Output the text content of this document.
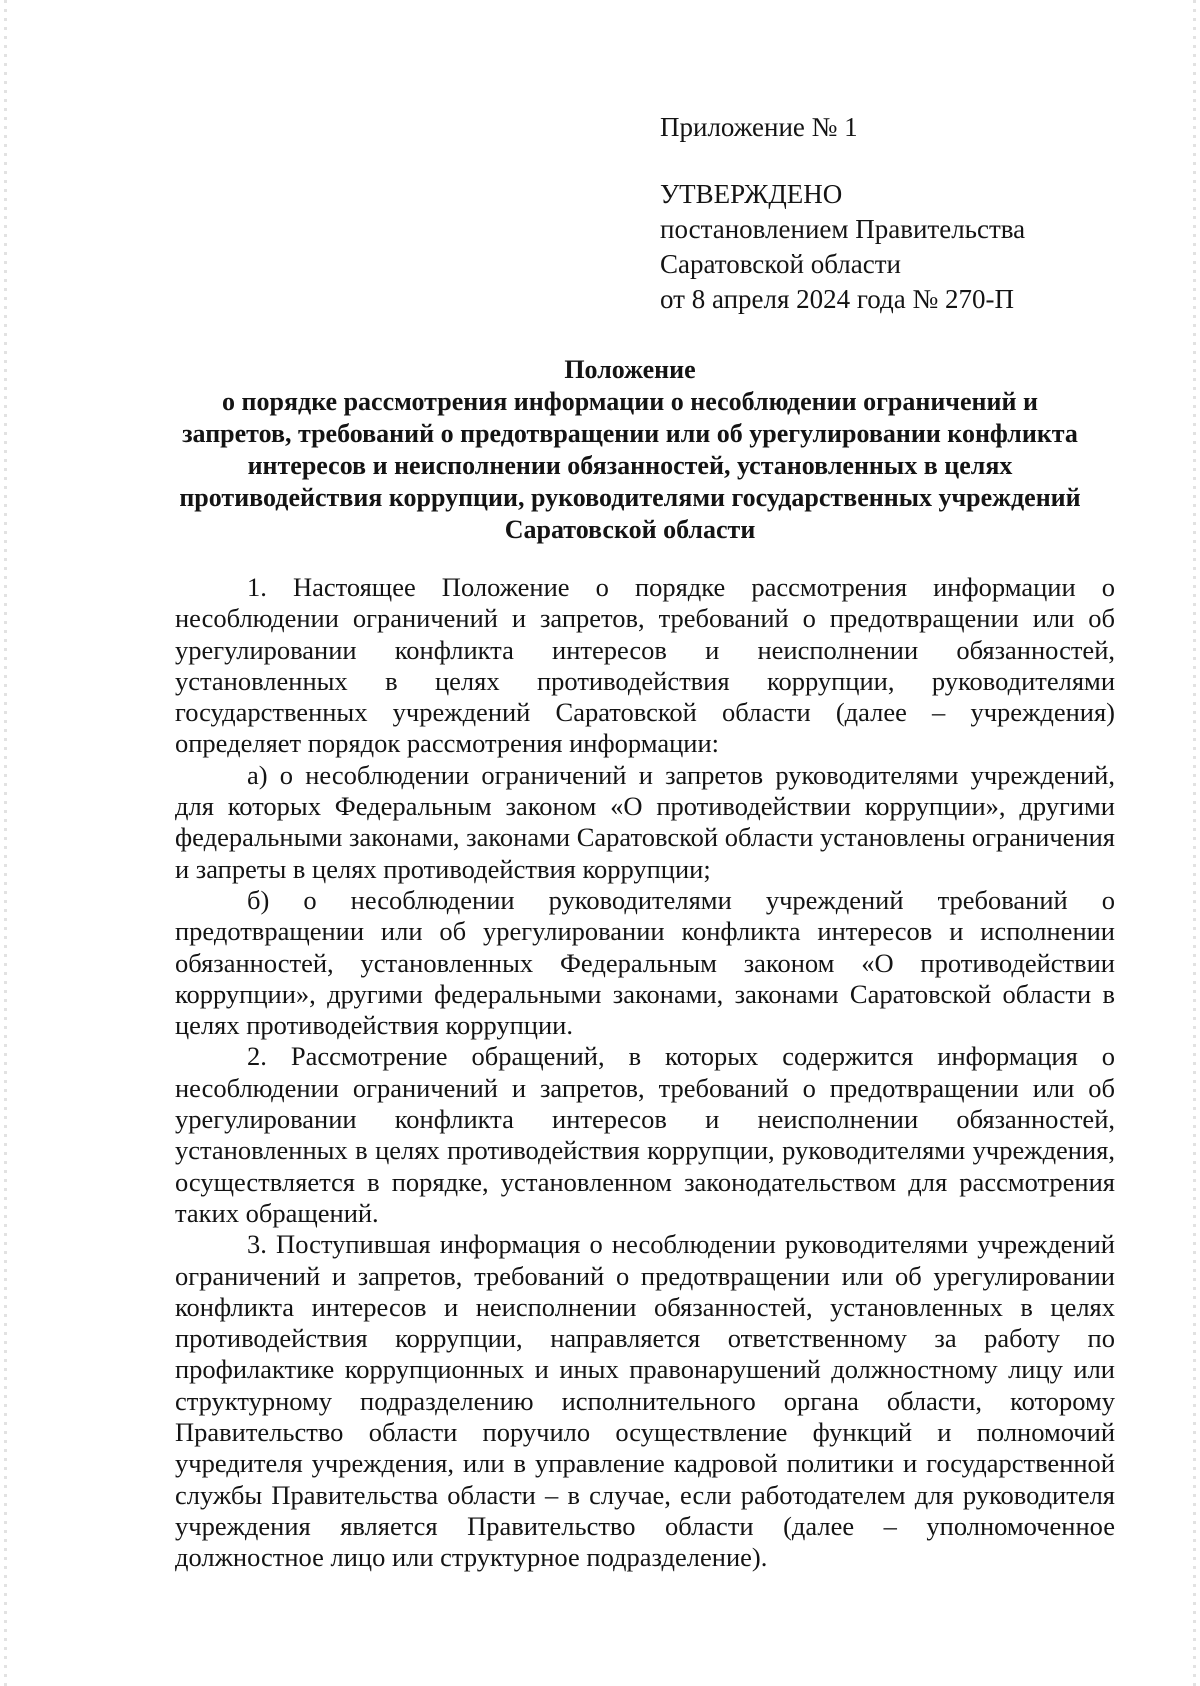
Приложение № 1
УТВЕРЖДЕНО
постановлением Правительства
Саратовской области
от 8 апреля 2024 года № 270-П
Положение
о порядке рассмотрения информации о несоблюдении ограничений и запретов, требований о предотвращении или об урегулировании конфликта интересов и неисполнении обязанностей, установленных в целях противодействия коррупции, руководителями государственных учреждений Саратовской области

1. Настоящее Положение о порядке рассмотрения информации о несоблюдении ограничений и запретов, требований о предотвращении или об урегулировании конфликта интересов и неисполнении обязанностей, установленных в целях противодействия коррупции, руководителями государственных учреждений Саратовской области (далее – учреждения) определяет порядок рассмотрения информации:

а) о несоблюдении ограничений и запретов руководителями учреждений, для которых Федеральным законом «О противодействии коррупции», другими федеральными законами, законами Саратовской области установлены ограничения и запреты в целях противодействия коррупции;

б) о несоблюдении руководителями учреждений требований о предотвращении или об урегулировании конфликта интересов и исполнении обязанностей, установленных Федеральным законом «О противодействии коррупции», другими федеральными законами, законами Саратовской области в целях противодействия коррупции.

2. Рассмотрение обращений, в которых содержится информация о несоблюдении ограничений и запретов, требований о предотвращении или об урегулировании конфликта интересов и неисполнении обязанностей, установленных в целях противодействия коррупции, руководителями учреждения, осуществляется в порядке, установленном законодательством для рассмотрения таких обращений.

3. Поступившая информация о несоблюдении руководителями учреждений ограничений и запретов, требований о предотвращении или об урегулировании конфликта интересов и неисполнении обязанностей, установленных в целях противодействия коррупции, направляется ответственному за работу по профилактике коррупционных и иных правонарушений должностному лицу или структурному подразделению исполнительного органа области, которому Правительство области поручило осуществление функций и полномочий учредителя учреждения, или в управление кадровой политики и государственной службы Правительства области – в случае, если работодателем для руководителя учреждения является Правительство области (далее – уполномоченное должностное лицо или структурное подразделение).
